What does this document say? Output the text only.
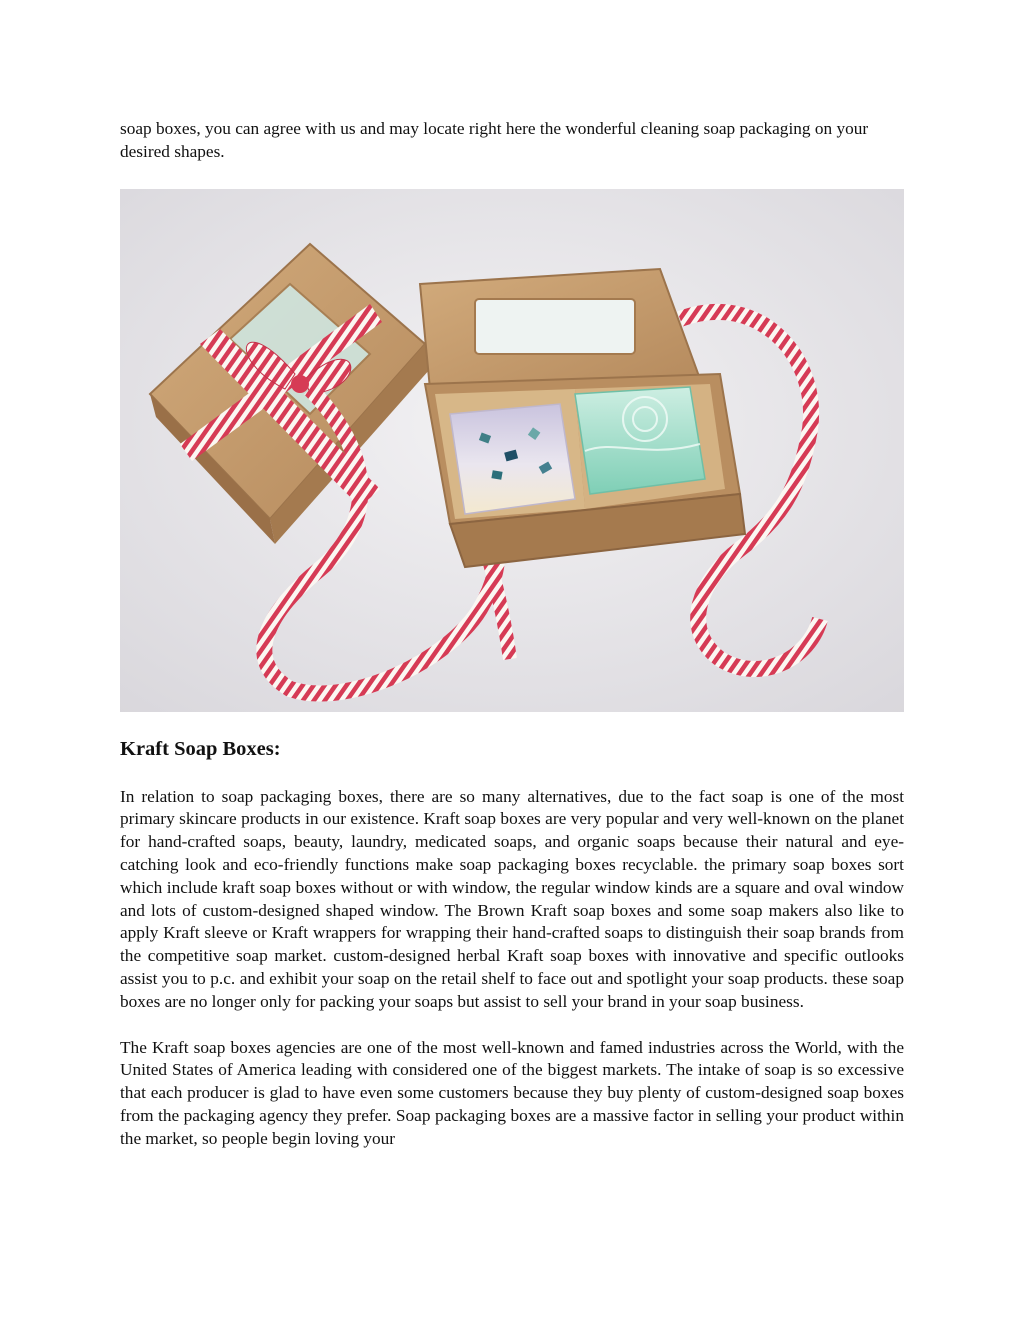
soap boxes, you can agree with us and may locate right here the wonderful cleaning soap packaging on your desired shapes.

Kraft Soap Boxes:

In relation to soap packaging boxes, there are so many alternatives, due to the fact soap is one of the most primary skincare products in our existence. Kraft soap boxes are very popular and very well-known on the planet for hand-crafted soaps, beauty, laundry, medicated soaps, and organic soaps because their natural and eye-catching look and eco-friendly functions make soap packaging boxes recyclable. the primary soap boxes sort which include kraft soap boxes without or with window, the regular window kinds are a square and oval window and lots of custom-designed shaped window. The Brown Kraft soap boxes and some soap makers also like to apply Kraft sleeve or Kraft wrappers for wrapping their hand-crafted soaps to distinguish their soap brands from the competitive soap market. custom-designed herbal Kraft soap boxes with innovative and specific outlooks assist you to p.c. and exhibit your soap on the retail shelf to face out and spotlight your soap products. these soap boxes are no longer only for packing your soaps but assist to sell your brand in your soap business.

The Kraft soap boxes agencies are one of the most well-known and famed industries across the World, with the United States of America leading with considered one of the biggest markets. The intake of soap is so excessive that each producer is glad to have even some customers because they buy plenty of custom-designed soap boxes from the packaging agency they prefer. Soap packaging boxes are a massive factor in selling your product within the market, so people begin loving your
